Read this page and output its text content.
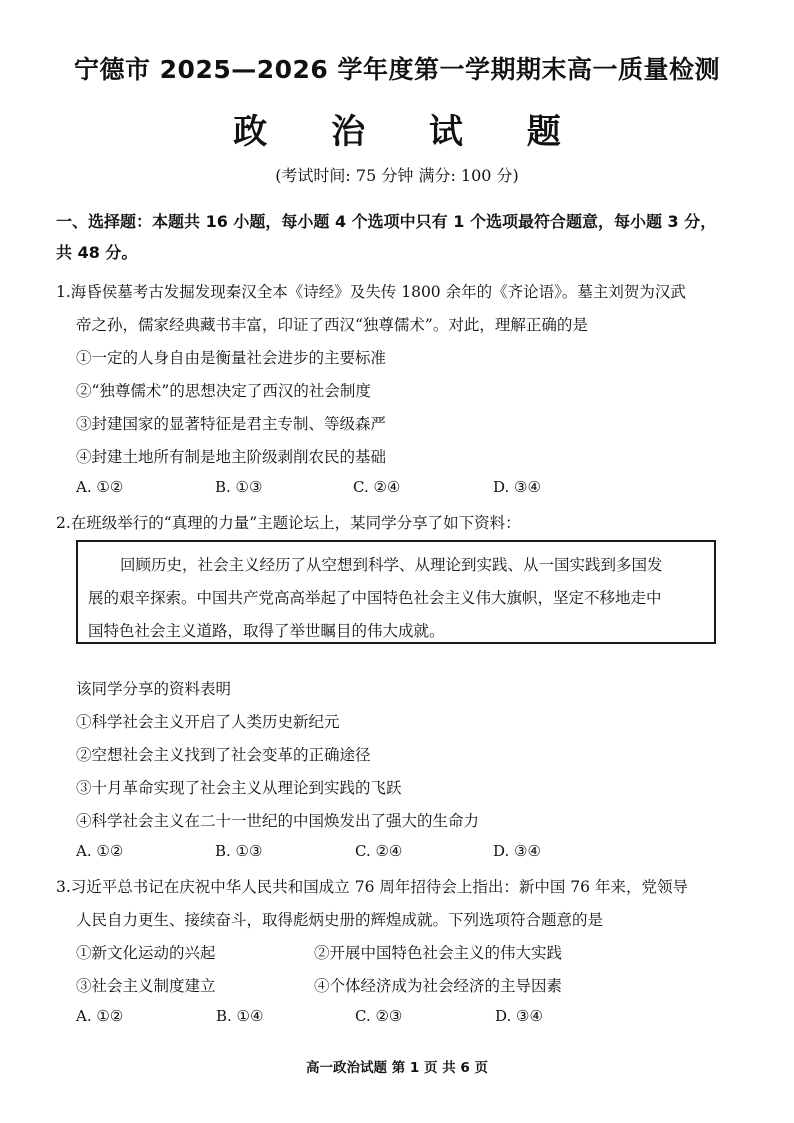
宁德市 2025—2026 学年度第一学期期末高一质量检测
政 治 试 题
(考试时间: 75 分钟 满分: 100 分)
一、选择题：本题共 16 小题，每小题 4 个选项中只有 1 个选项最符合题意，每小题 3 分，
共 48 分。
1.海昏侯墓考古发掘发现秦汉全本《诗经》及失传 1800 余年的《齐论语》。墓主刘贺为汉武
帝之孙，儒家经典藏书丰富，印证了西汉“独尊儒术”。对此，理解正确的是
①一定的人身自由是衡量社会进步的主要标准
②“独尊儒术”的思想决定了西汉的社会制度
③封建国家的显著特征是君主专制、等级森严
④封建土地所有制是地主阶级剥削农民的基础
A. ①②	B. ①③	C. ②④	D. ③④
2.在班级举行的“真理的力量”主题论坛上，某同学分享了如下资料：
回顾历史，社会主义经历了从空想到科学、从理论到实践、从一国实践到多国发
展的艰辛探索。中国共产党高高举起了中国特色社会主义伟大旗帜，坚定不移地走中
国特色社会主义道路，取得了举世瞩目的伟大成就。
该同学分享的资料表明
①科学社会主义开启了人类历史新纪元
②空想社会主义找到了社会变革的正确途径
③十月革命实现了社会主义从理论到实践的飞跃
④科学社会主义在二十一世纪的中国焕发出了强大的生命力
A. ①②	B. ①③	C. ②④	D. ③④
3.习近平总书记在庆祝中华人民共和国成立 76 周年招待会上指出：新中国 76 年来，党领导
人民自力更生、接续奋斗，取得彪炳史册的辉煌成就。下列选项符合题意的是
①新文化运动的兴起	②开展中国特色社会主义的伟大实践
③社会主义制度建立	④个体经济成为社会经济的主导因素
A. ①②	B. ①④	C. ②③	D. ③④
高一政治试题 第 1 页 共 6 页
